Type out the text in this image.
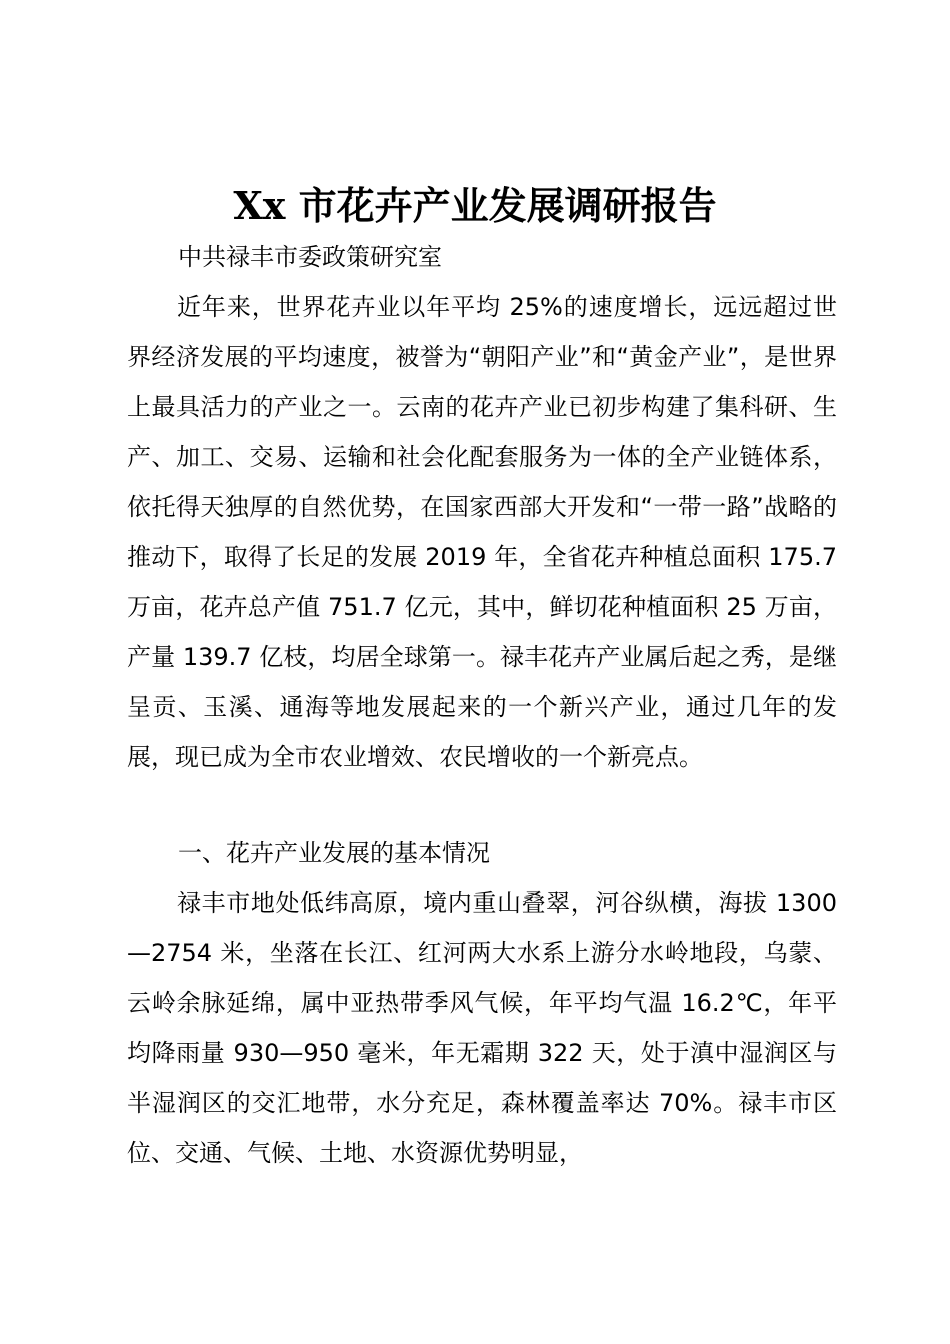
Xx 市花卉产业发展调研报告
中共禄丰市委政策研究室

近年来，世界花卉业以年平均 25%的速度增长，远远超过世界经济发展的平均速度，被誉为“朝阳产业”和“黄金产业”，是世界上最具活力的产业之一。云南的花卉产业已初步构建了集科研、生产、加工、交易、运输和社会化配套服务为一体的全产业链体系，依托得天独厚的自然优势，在国家西部大开发和“一带一路”战略的推动下，取得了长足的发展 2019 年，全省花卉种植总面积 175.7 万亩，花卉总产值 751.7 亿元，其中，鲜切花种植面积 25 万亩，产量 139.7 亿枝，均居全球第一。禄丰花卉产业属后起之秀，是继呈贡、玉溪、通海等地发展起来的一个新兴产业，通过几年的发展，现已成为全市农业增效、农民增收的一个新亮点。

一、花卉产业发展的基本情况

禄丰市地处低纬高原，境内重山叠翠，河谷纵横，海拔 1300—2754 米，坐落在长江、红河两大水系上游分水岭地段，乌蒙、云岭余脉延绵，属中亚热带季风气候，年平均气温 16.2℃，年平均降雨量 930—950 毫米，年无霜期 322 天，处于滇中湿润区与半湿润区的交汇地带，水分充足，森林覆盖率达 70%。禄丰市区位、交通、气候、土地、水资源优势明显，
